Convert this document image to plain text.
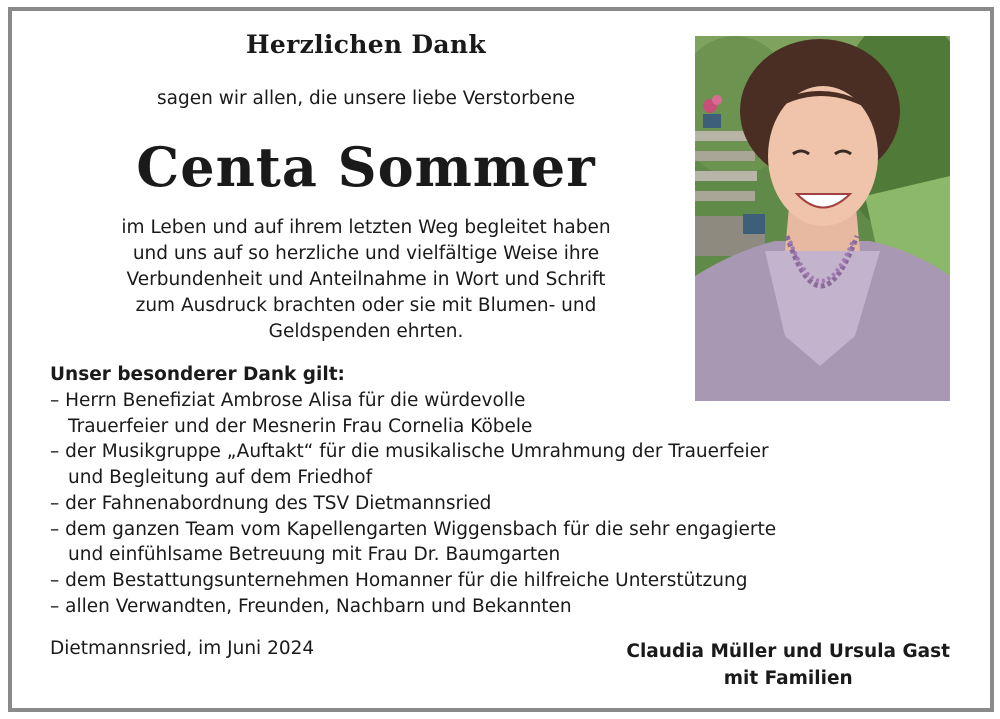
Herzlichen Dank
sagen wir allen, die unsere liebe Verstorbene
Centa Sommer
im Leben und auf ihrem letzten Weg begleitet haben
und uns auf so herzliche und vielfältige Weise ihre
Verbundenheit und Anteilnahme in Wort und Schrift
zum Ausdruck brachten oder sie mit Blumen- und
Geldspenden ehrten.
Unser besonderer Dank gilt:
– Herrn Benefiziat Ambrose Alisa für die würdevolle
Trauerfeier und der Mesnerin Frau Cornelia Köbele
– der Musikgruppe „Auftakt“ für die musikalische Umrahmung der Trauerfeier
und Begleitung auf dem Friedhof
– der Fahnenabordnung des TSV Dietmannsried
– dem ganzen Team vom Kapellengarten Wiggensbach für die sehr engagierte
und einfühlsame Betreuung mit Frau Dr. Baumgarten
– dem Bestattungsunternehmen Homanner für die hilfreiche Unterstützung
– allen Verwandten, Freunden, Nachbarn und Bekannten
Dietmannsried, im Juni 2024	Claudia Müller und Ursula Gast
mit Familien
